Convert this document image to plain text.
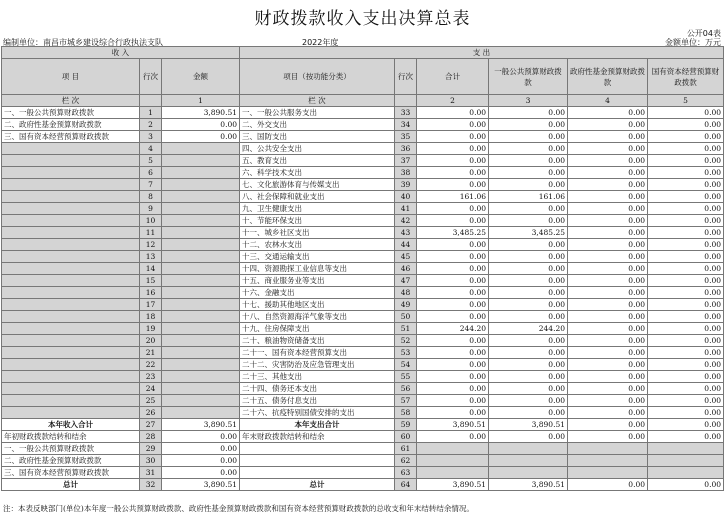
财政拨款收入支出决算总表
公开04表
编制单位：南昌市城乡建设综合行政执法支队	2022年度	金额单位：万元
收 入			支 出					
项 目	行次	金额	项目（按功能分类）	行次	合计	一般公共预算财政拨款	政府性基金预算财政拨款	国有资本经营预算财政拨款
栏 次		1	栏 次		2	3	4	5
一、一般公共预算财政拨款	1	3,890.51	一、一般公共服务支出	33	0.00	0.00	0.00	0.00
二、政府性基金预算财政拨款	2	0.00	二、外交支出	34	0.00	0.00	0.00	0.00
三、国有资本经营预算财政拨款	3	0.00	三、国防支出	35	0.00	0.00	0.00	0.00
	4		四、公共安全支出	36	0.00	0.00	0.00	0.00
	5		五、教育支出	37	0.00	0.00	0.00	0.00
	6		六、科学技术支出	38	0.00	0.00	0.00	0.00
	7		七、文化旅游体育与传媒支出	39	0.00	0.00	0.00	0.00
	8		八、社会保障和就业支出	40	161.06	161.06	0.00	0.00
	9		九、卫生健康支出	41	0.00	0.00	0.00	0.00
	10		十、节能环保支出	42	0.00	0.00	0.00	0.00
	11		十一、城乡社区支出	43	3,485.25	3,485.25	0.00	0.00
	12		十二、农林水支出	44	0.00	0.00	0.00	0.00
	13		十三、交通运输支出	45	0.00	0.00	0.00	0.00
	14		十四、资源勘探工业信息等支出	46	0.00	0.00	0.00	0.00
	15		十五、商业服务业等支出	47	0.00	0.00	0.00	0.00
	16		十六、金融支出	48	0.00	0.00	0.00	0.00
	17		十七、援助其他地区支出	49	0.00	0.00	0.00	0.00
	18		十八、自然资源海洋气象等支出	50	0.00	0.00	0.00	0.00
	19		十九、住房保障支出	51	244.20	244.20	0.00	0.00
	20		二十、粮油物资储备支出	52	0.00	0.00	0.00	0.00
	21		二十一、国有资本经营预算支出	53	0.00	0.00	0.00	0.00
	22		二十二、灾害防治及应急管理支出	54	0.00	0.00	0.00	0.00
	23		二十三、其他支出	55	0.00	0.00	0.00	0.00
	24		二十四、债务还本支出	56	0.00	0.00	0.00	0.00
	25		二十五、债务付息支出	57	0.00	0.00	0.00	0.00
	26		二十六、抗疫特别国债安排的支出	58	0.00	0.00	0.00	0.00
本年收入合计	27	3,890.51	本年支出合计	59	3,890.51	3,890.51	0.00	0.00
年初财政拨款结转和结余	28	0.00	年末财政拨款结转和结余	60	0.00	0.00	0.00	0.00
一、一般公共预算财政拨款	29	0.00		61				
二、政府性基金预算财政拨款	30	0.00		62				
三、国有资本经营预算财政拨款	31	0.00		63				
总计	32	3,890.51	总计	64	3,890.51	3,890.51	0.00	0.00
注：本表反映部门(单位)本年度一般公共预算财政拨款、政府性基金预算财政拨款和国有资本经营预算财政拨款的总收支和年末结转结余情况。
